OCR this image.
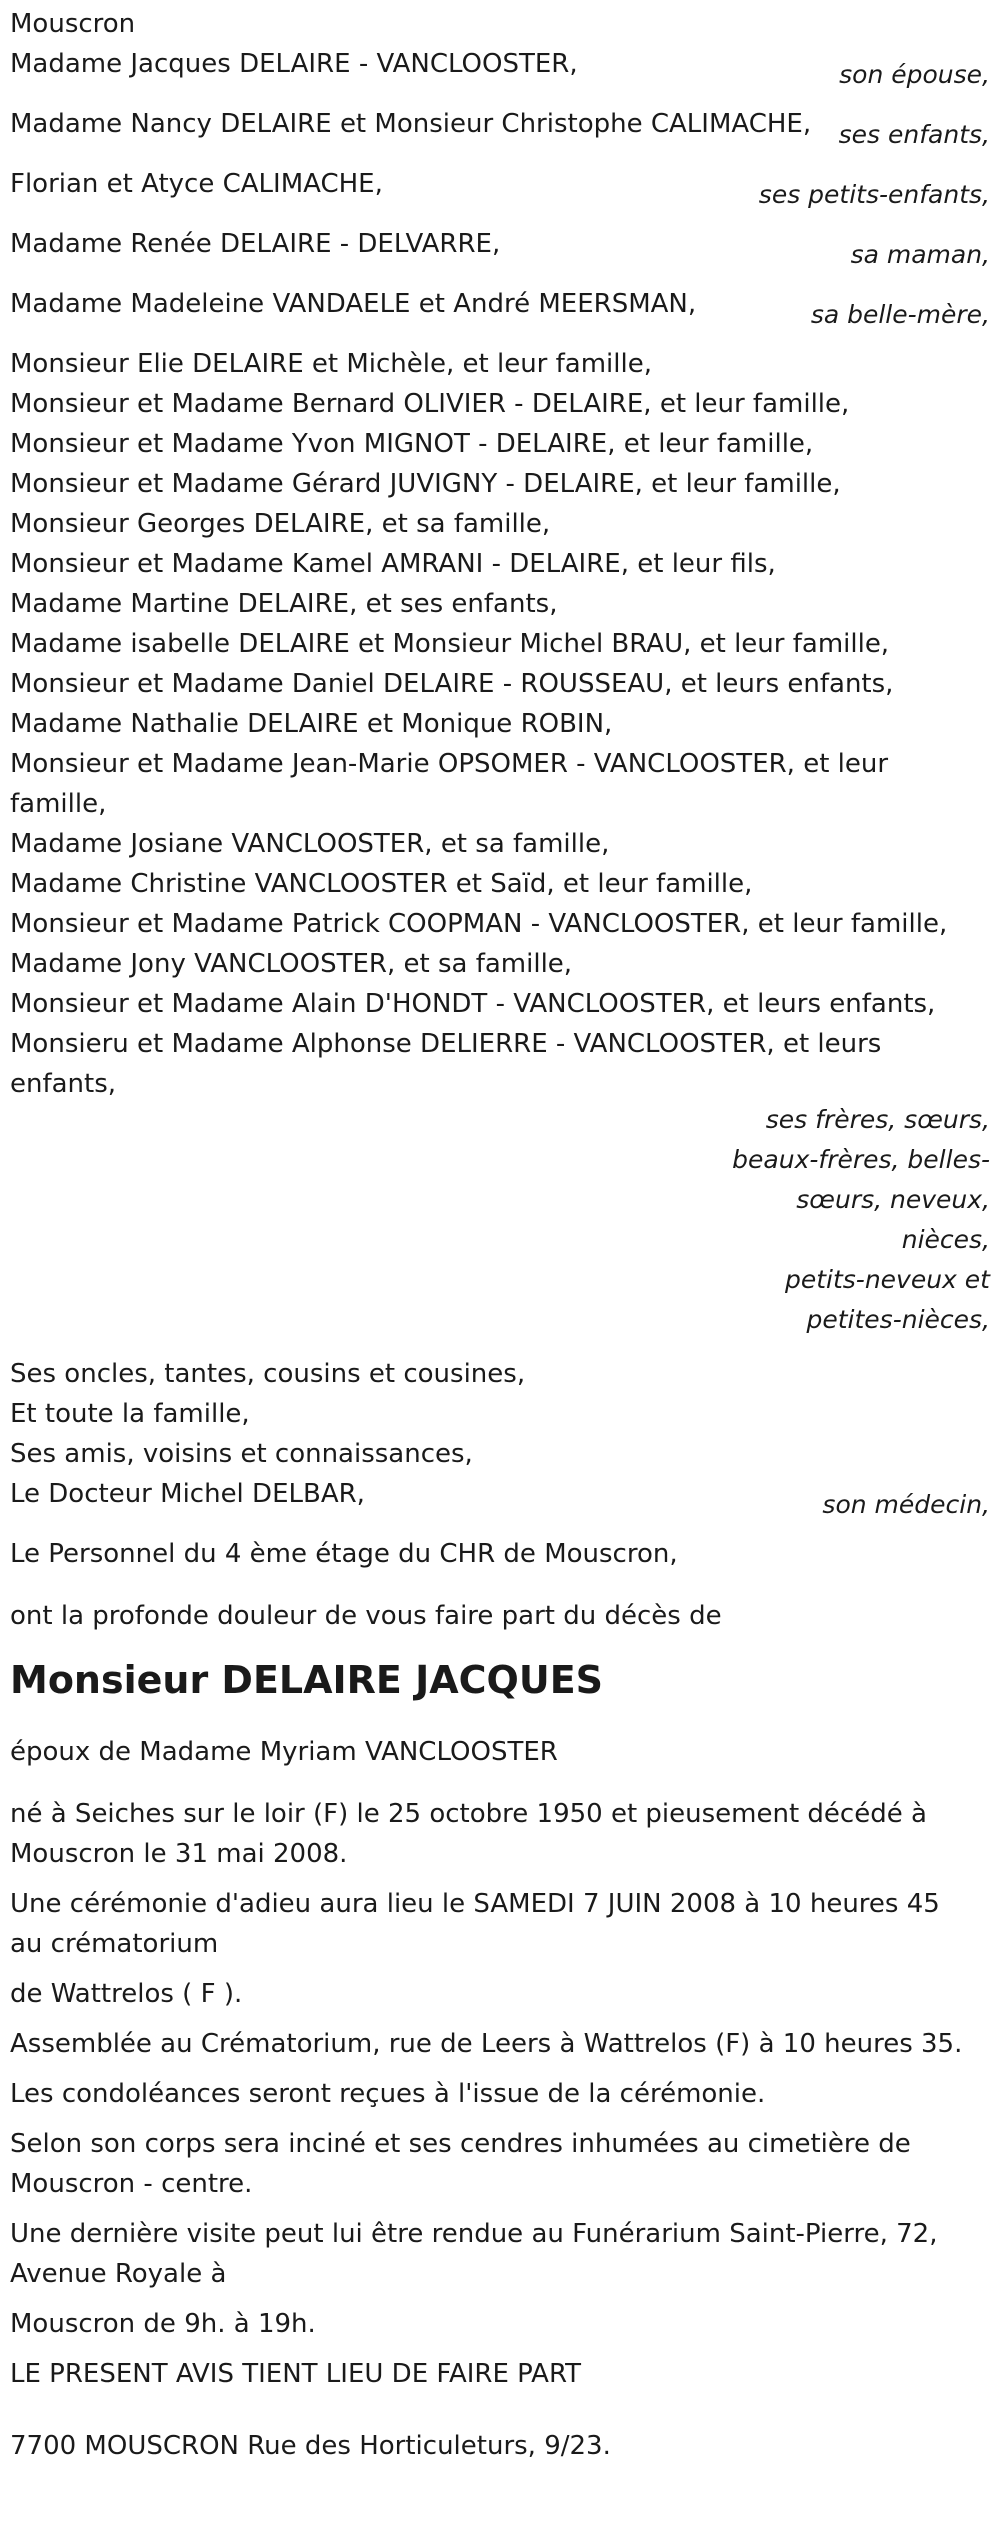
Mouscron
Madame Jacques DELAIRE - VANCLOOSTER,	son épouse,
Madame Nancy DELAIRE et Monsieur Christophe CALIMACHE,	ses enfants,
Florian et Atyce CALIMACHE,	ses petits-enfants,
Madame Renée DELAIRE - DELVARRE,	sa maman,
Madame Madeleine VANDAELE et André MEERSMAN,	sa belle-mère,
Monsieur Elie DELAIRE et Michèle, et leur famille,
Monsieur et Madame Bernard OLIVIER - DELAIRE, et leur famille,
Monsieur et Madame Yvon MIGNOT - DELAIRE, et leur famille,
Monsieur et Madame Gérard JUVIGNY - DELAIRE, et leur famille,
Monsieur Georges DELAIRE, et sa famille,
Monsieur et Madame Kamel AMRANI - DELAIRE, et leur fils,
Madame Martine DELAIRE, et ses enfants,
Madame isabelle DELAIRE et Monsieur Michel BRAU, et leur famille,
Monsieur et Madame Daniel DELAIRE - ROUSSEAU, et leurs enfants,
Madame Nathalie DELAIRE et Monique ROBIN,
Monsieur et Madame Jean-Marie OPSOMER - VANCLOOSTER, et leur famille,
Madame Josiane VANCLOOSTER, et sa famille,
Madame Christine VANCLOOSTER et Saïd, et leur famille,
Monsieur et Madame Patrick COOPMAN - VANCLOOSTER, et leur famille,
Madame Jony VANCLOOSTER, et sa famille,
Monsieur et Madame Alain D'HONDT - VANCLOOSTER, et leurs enfants,
Monsieru et Madame Alphonse DELIERRE - VANCLOOSTER, et leurs enfants,
ses frères, sœurs,
beaux-frères, belles-
sœurs, neveux,
nièces,
petits-neveux et
petites-nièces,
Ses oncles, tantes, cousins et cousines,
Et toute la famille,
Ses amis, voisins et connaissances,
Le Docteur Michel DELBAR,	son médecin,
Le Personnel du 4 ème étage du CHR de Mouscron,
ont la profonde douleur de vous faire part du décès de
Monsieur DELAIRE JACQUES
époux de Madame Myriam VANCLOOSTER
né à Seiches sur le loir (F) le 25 octobre 1950 et pieusement décédé à Mouscron le 31 mai 2008.
Une cérémonie d'adieu aura lieu le SAMEDI 7 JUIN 2008 à 10 heures 45 au crématorium
de Wattrelos ( F ).
Assemblée au Crématorium, rue de Leers à Wattrelos (F) à 10 heures 35.
Les condoléances seront reçues à l'issue de la cérémonie.
Selon son corps sera inciné et ses cendres inhumées au cimetière de Mouscron - centre.
Une dernière visite peut lui être rendue au Funérarium Saint-Pierre, 72, Avenue Royale à
Mouscron de 9h. à 19h.
LE PRESENT AVIS TIENT LIEU DE FAIRE PART
7700 MOUSCRON Rue des Horticuleturs, 9/23.
